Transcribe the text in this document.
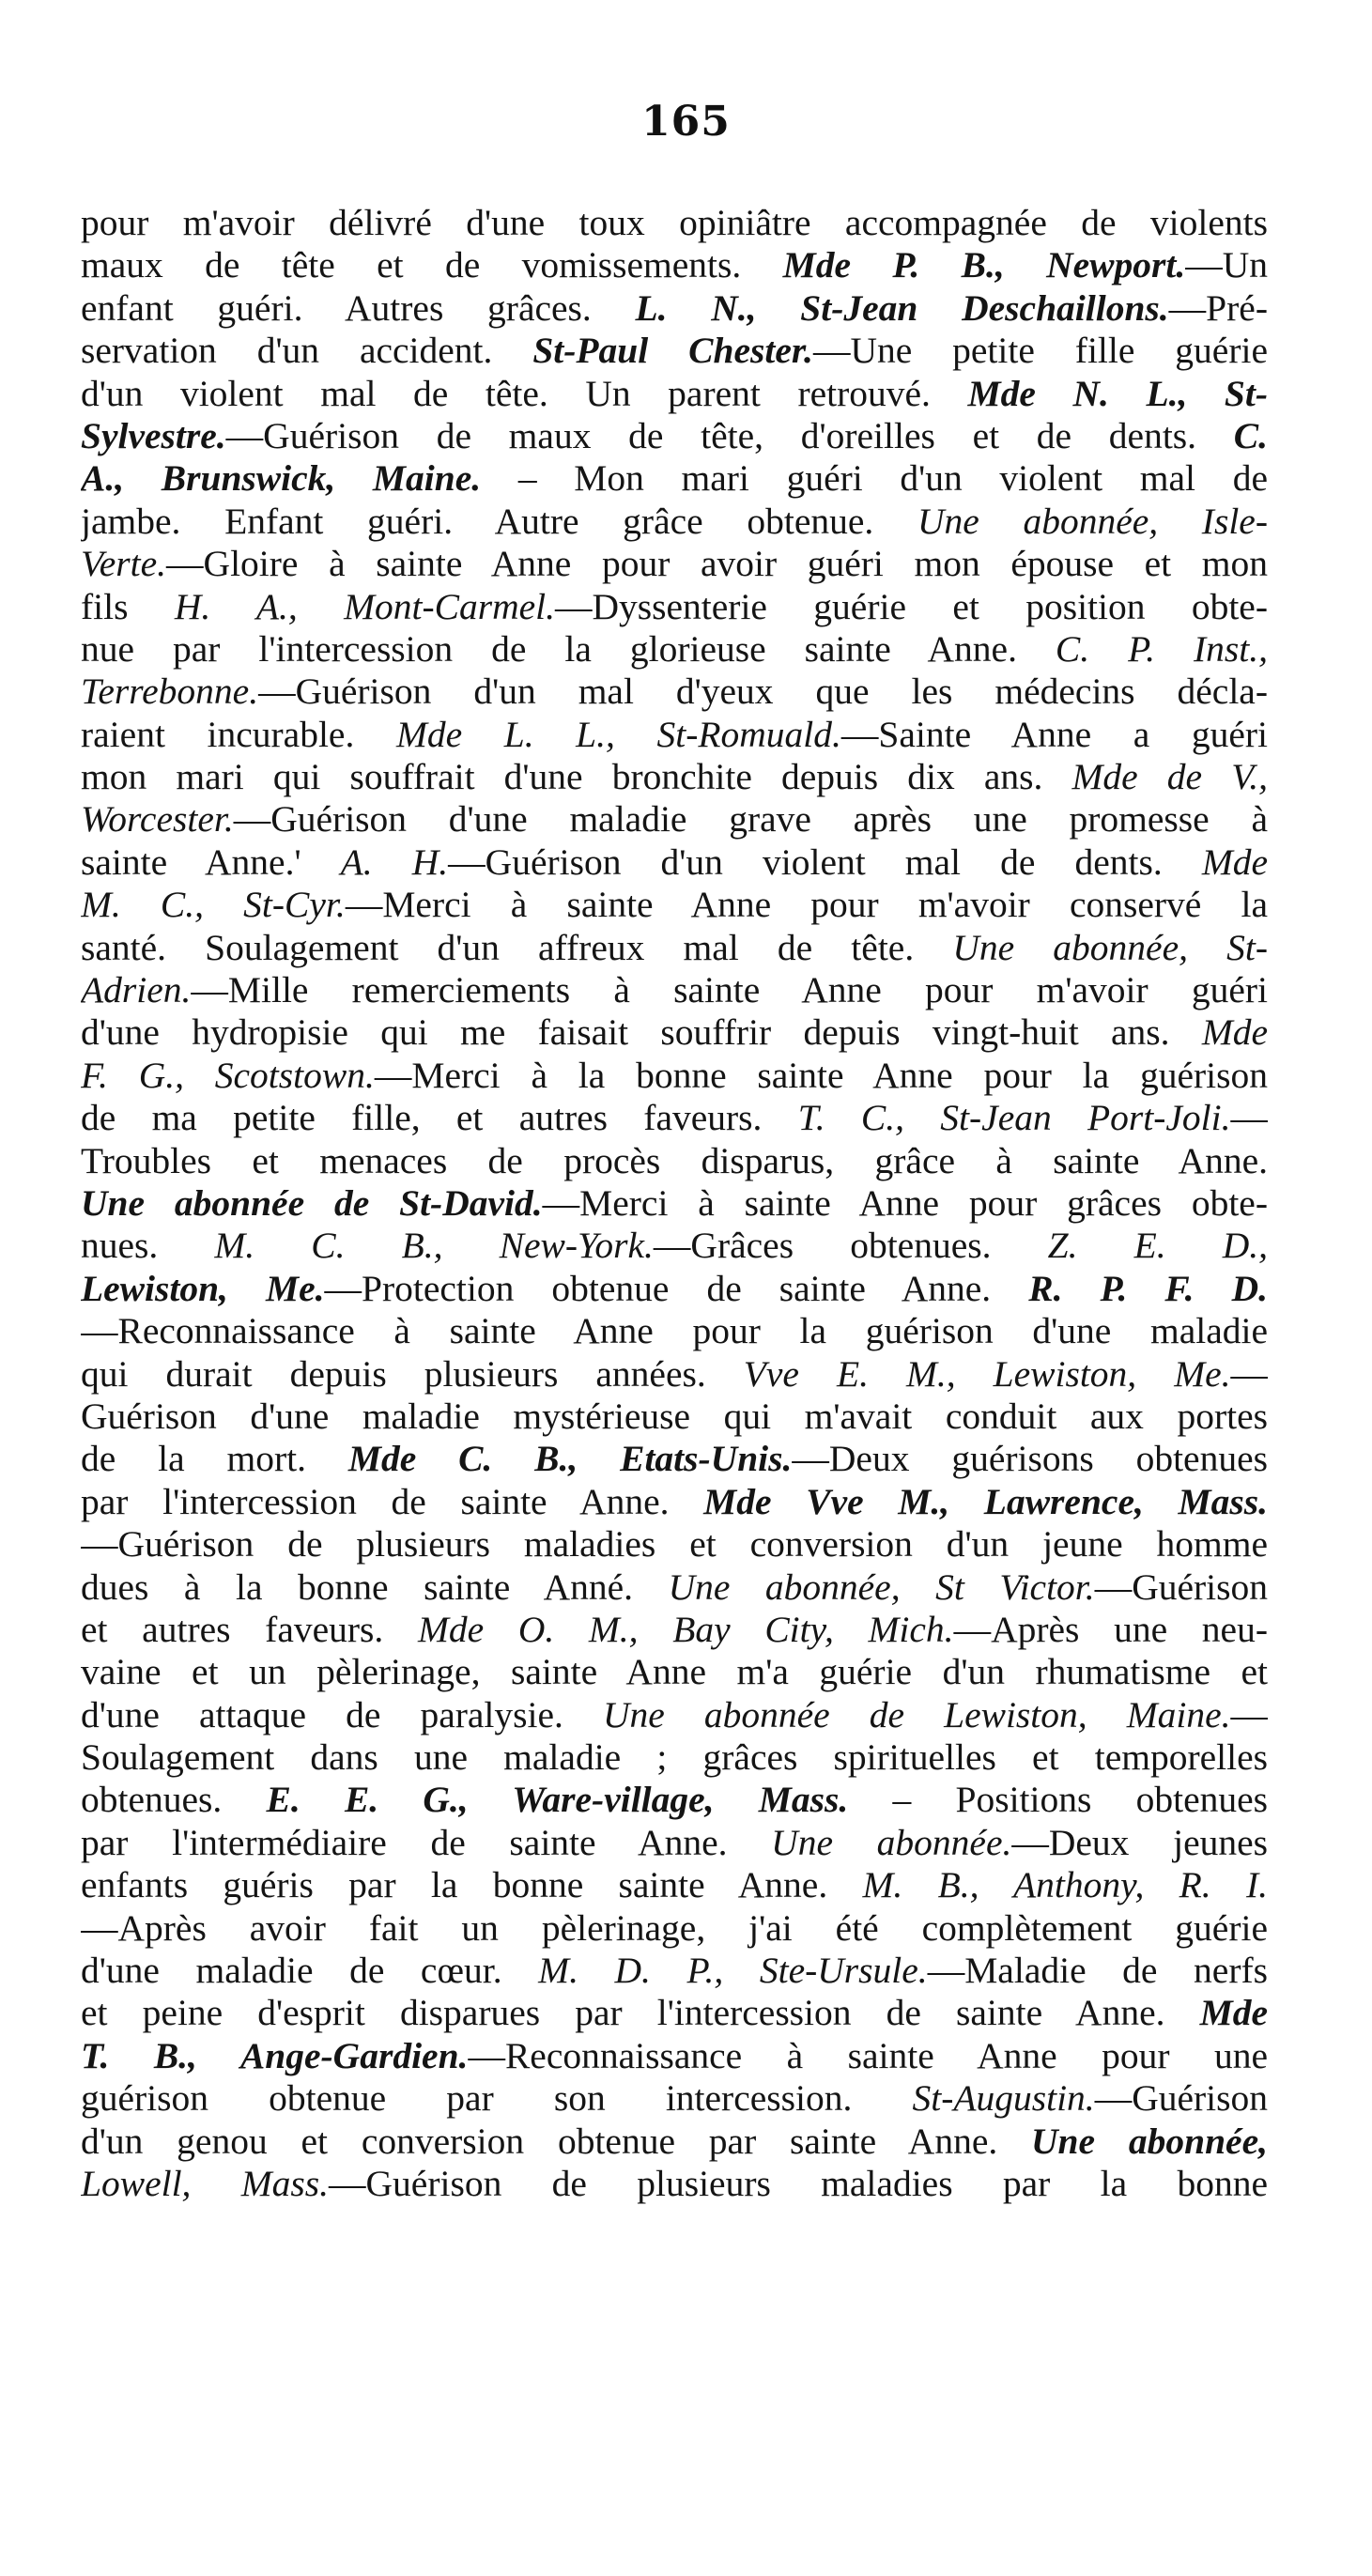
165
pour m'avoir délivré d'une toux opiniâtre accompagnée de violents
maux de tête et de vomissements. Mde P. B., Newport.—Un
enfant guéri. Autres grâces. L. N., St-Jean Deschaillons.—Pré-
servation d'un accident. St-Paul Chester.—Une petite fille guérie
d'un violent mal de tête. Un parent retrouvé. Mde N. L., St-
Sylvestre.—Guérison de maux de tête, d'oreilles et de dents. C.
A., Brunswick, Maine. – Mon mari guéri d'un violent mal de
jambe. Enfant guéri. Autre grâce obtenue. Une abonnée, Isle-
Verte.—Gloire à sainte Anne pour avoir guéri mon épouse et mon
fils H. A., Mont-Carmel.—Dyssenterie guérie et position obte-
nue par l'intercession de la glorieuse sainte Anne. C. P. Inst.,
Terrebonne.—Guérison d'un mal d'yeux que les médecins décla-
raient incurable. Mde L. L., St-Romuald.—Sainte Anne a guéri
mon mari qui souffrait d'une bronchite depuis dix ans. Mde de V.,
Worcester.—Guérison d'une maladie grave après une promesse à
sainte Anne.' A. H.—Guérison d'un violent mal de dents. Mde
M. C., St-Cyr.—Merci à sainte Anne pour m'avoir conservé la
santé. Soulagement d'un affreux mal de tête. Une abonnée, St-
Adrien.—Mille remerciements à sainte Anne pour m'avoir guéri
d'une hydropisie qui me faisait souffrir depuis vingt-huit ans. Mde
F. G., Scotstown.—Merci à la bonne sainte Anne pour la guérison
de ma petite fille, et autres faveurs. T. C., St-Jean Port-Joli.—
Troubles et menaces de procès disparus, grâce à sainte Anne.
Une abonnée de St-David.—Merci à sainte Anne pour grâces obte-
nues. M. C. B., New-York.—Grâces obtenues. Z. E. D.,
Lewiston, Me.—Protection obtenue de sainte Anne. R. P. F. D.
—Reconnaissance à sainte Anne pour la guérison d'une maladie
qui durait depuis plusieurs années. Vve E. M., Lewiston, Me.—
Guérison d'une maladie mystérieuse qui m'avait conduit aux portes
de la mort. Mde C. B., Etats-Unis.—Deux guérisons obtenues
par l'intercession de sainte Anne. Mde Vve M., Lawrence, Mass.
—Guérison de plusieurs maladies et conversion d'un jeune homme
dues à la bonne sainte Anné. Une abonnée, St Victor.—Guérison
et autres faveurs. Mde O. M., Bay City, Mich.—Après une neu-
vaine et un pèlerinage, sainte Anne m'a guérie d'un rhumatisme et
d'une attaque de paralysie. Une abonnée de Lewiston, Maine.—
Soulagement dans une maladie ; grâces spirituelles et temporelles
obtenues. E. E. G., Ware-village, Mass. – Positions obtenues
par l'intermédiaire de sainte Anne. Une abonnée.—Deux jeunes
enfants guéris par la bonne sainte Anne. M. B., Anthony, R. I.
—Après avoir fait un pèlerinage, j'ai été complètement guérie
d'une maladie de cœur. M. D. P., Ste-Ursule.—Maladie de nerfs
et peine d'esprit disparues par l'intercession de sainte Anne. Mde
T. B., Ange-Gardien.—Reconnaissance à sainte Anne pour une
guérison obtenue par son intercession. St-Augustin.—Guérison
d'un genou et conversion obtenue par sainte Anne. Une abonnée,
Lowell, Mass.—Guérison de plusieurs maladies par la bonne
